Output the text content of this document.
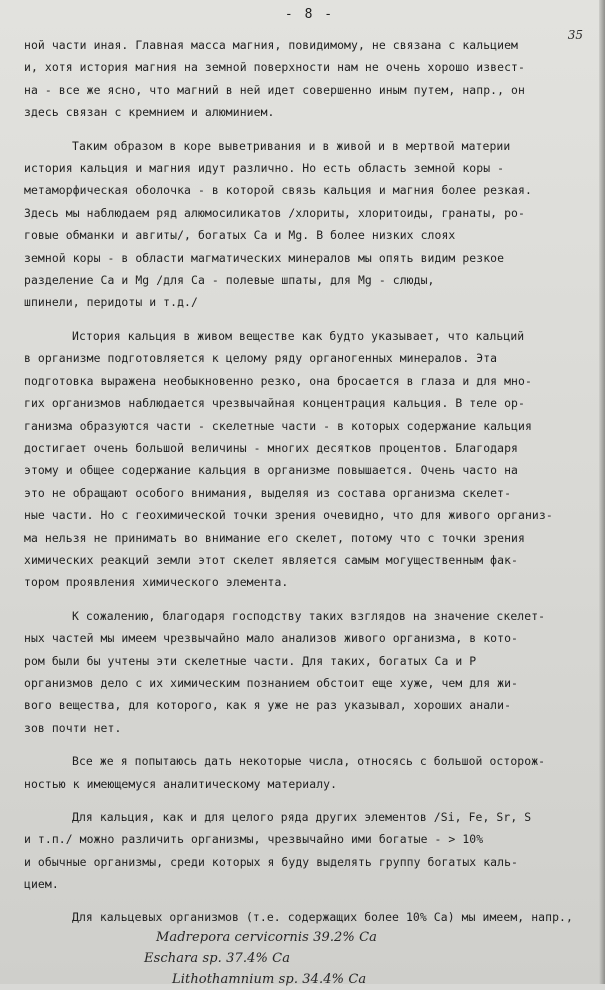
- 8 -
35
ной части иная. Главная масса магния, повидимому, не связана с кальцием
и, хотя история магния на земной поверхности нам не очень хорошо извест-
на - все же ясно, что магний в ней идет совершенно иным путем, напр., он
здесь связан с кремнием и алюминием.
Таким образом в коре выветривания и в живой и в мертвой материи
история кальция и магния идут различно. Но есть область земной коры -
метаморфическая оболочка - в которой связь кальция и магния более резкая.
Здесь мы наблюдаем ряд алюмосиликатов /хлориты, хлоритоиды, гранаты, ро-
говые обманки и авгиты/, богатых Ca и Mg. В более низких слоях
земной коры - в области магматических минералов мы опять видим резкое
разделение Ca и Mg /для Ca - полевые шпаты, для Mg - слюды,
шпинели, перидоты и т.д./
История кальция в живом веществе как будто указывает, что кальций
в организме подготовляется к целому ряду органогенных минералов. Эта
подготовка выражена необыкновенно резко, она бросается в глаза и для мно-
гих организмов наблюдается чрезвычайная концентрация кальция. В теле ор-
ганизма образуются части - скелетные части - в которых содержание кальция
достигает очень большой величины - многих десятков процентов. Благодаря
этому и общее содержание кальция в организме повышается. Очень часто на
это не обращают особого внимания, выделяя из состава организма скелет-
ные части. Но с геохимической точки зрения очевидно, что для живого организ-
ма нельзя не принимать во внимание его скелет, потому что с точки зрения
химических реакций земли этот скелет является самым могущественным фак-
тором проявления химического элемента.
К сожалению, благодаря господству таких взглядов на значение скелет-
ных частей мы имеем чрезвычайно мало анализов живого организма, в кото-
ром были бы учтены эти скелетные части. Для таких, богатых Ca и P
организмов дело с их химическим познанием обстоит еще хуже, чем для жи-
вого вещества, для которого, как я уже не раз указывал, хороших анали-
зов почти нет.
Все же я попытаюсь дать некоторые числа, относясь с большой осторож-
ностью к имеющемуся аналитическому материалу.
Для кальция, как и для целого ряда других элементов /Si, Fe, Sr, S
и т.п./ можно различить организмы, чрезвычайно ими богатые - > 10%
и обычные организмы, среди которых я буду выделять группу богатых каль-
цием.
Для кальцевых организмов (т.е. содержащих более 10% Ca) мы имеем, напр.,
Madrepora cervicornis 39.2% Ca
Eschara sp. 37.4% Ca
Lithothamnium sp. 34.4% Ca
